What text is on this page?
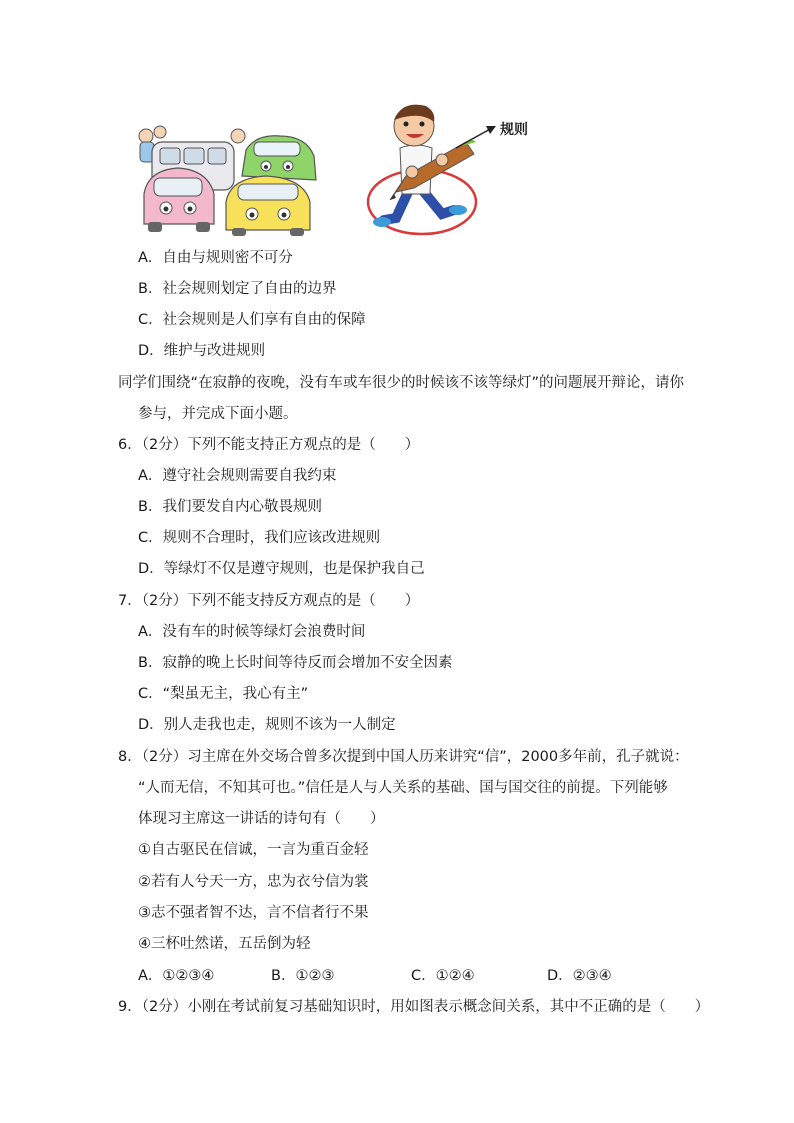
规则
A．自由与规则密不可分
B．社会规则划定了自由的边界
C．社会规则是人们享有自由的保障
D．维护与改进规则
同学们围绕“在寂静的夜晚，没有车或车很少的时候该不该等绿灯”的问题展开辩论，请你
参与，并完成下面小题。
6．（2分）下列不能支持正方观点的是（　　）
A．遵守社会规则需要自我约束
B．我们要发自内心敬畏规则
C．规则不合理时，我们应该改进规则
D．等绿灯不仅是遵守规则，也是保护我自己
7．（2分）下列不能支持反方观点的是（　　）
A．没有车的时候等绿灯会浪费时间
B．寂静的晚上长时间等待反而会增加不安全因素
C．“梨虽无主，我心有主”
D．别人走我也走，规则不该为一人制定
8．（2分）习主席在外交场合曾多次提到中国人历来讲究“信”，2000多年前，孔子就说：
“人而无信，不知其可也。”信任是人与人关系的基础、国与国交往的前提。下列能够
体现习主席这一讲话的诗句有（　　）
①自古驱民在信诚，一言为重百金轻
②若有人兮天一方，忠为衣兮信为裳
③志不强者智不达，言不信者行不果
④三杯吐然诺，五岳倒为轻
A．①②③④	B．①②③	C．①②④	D．②③④
9．（2分）小刚在考试前复习基础知识时，用如图表示概念间关系，其中不正确的是（　　）
